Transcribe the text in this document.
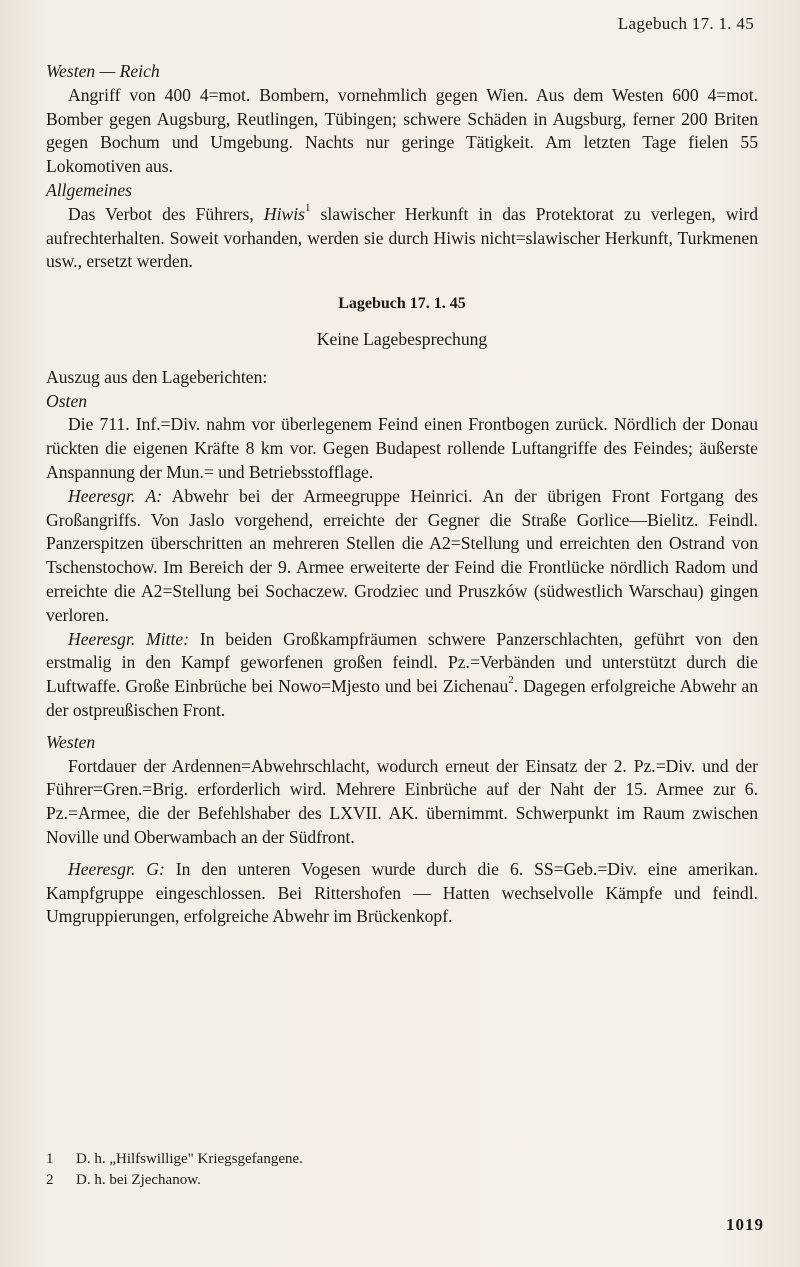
Lagebuch 17. 1. 45
Westen — Reich

Angriff von 400 4=mot. Bombern, vornehmlich gegen Wien. Aus dem Westen 600 4=mot. Bomber gegen Augsburg, Reutlingen, Tübingen; schwere Schäden in Augsburg, ferner 200 Briten gegen Bochum und Umgebung. Nachts nur geringe Tätigkeit. Am letzten Tage fielen 55 Lokomotiven aus.

Allgemeines

Das Verbot des Führers, Hiwis$^1$ slawischer Herkunft in das Protektorat zu verlegen, wird aufrechterhalten. Soweit vorhanden, werden sie durch Hiwis nicht=slawischer Herkunft, Turkmenen usw., ersetzt werden.

Lagebuch 17. 1. 45
Keine Lagebesprechung

Auszug aus den Lageberichten:

Osten

Die 711. Inf.=Div. nahm vor überlegenem Feind einen Frontbogen zurück. Nördlich der Donau rückten die eigenen Kräfte 8 km vor. Gegen Budapest rollende Luftangriffe des Feindes; äußerste Anspannung der Mun.= und Betriebsstofflage.

Heeresgr. A: Abwehr bei der Armeegruppe Heinrici. An der übrigen Front Fortgang des Großangriffs. Von Jaslo vorgehend, erreichte der Gegner die Straße Gorlice—Bielitz. Feindl. Panzerspitzen überschritten an mehreren Stellen die A2=Stellung und erreichten den Ostrand von Tschenstochow. Im Bereich der 9. Armee erweiterte der Feind die Frontlücke nördlich Radom und erreichte die A2=Stellung bei Sochaczew. Grodziec und Pruszków (südwestlich Warschau) gingen verloren.

Heeresgr. Mitte: In beiden Großkampfräumen schwere Panzerschlachten, geführt von den erstmalig in den Kampf geworfenen großen feindl. Pz.=Verbänden und unterstützt durch die Luftwaffe. Große Einbrüche bei Nowo=Mjesto und bei Zichenau$^2$. Dagegen erfolgreiche Abwehr an der ostpreußischen Front.

Westen

Fortdauer der Ardennen=Abwehrschlacht, wodurch erneut der Einsatz der 2. Pz.=Div. und der Führer=Gren.=Brig. erforderlich wird. Mehrere Einbrüche auf der Naht der 15. Armee zur 6. Pz.=Armee, die der Befehlshaber des LXVII. AK. übernimmt. Schwerpunkt im Raum zwischen Noville und Oberwambach an der Südfront.

Heeresgr. G: In den unteren Vogesen wurde durch die 6. SS=Geb.=Div. eine amerikan. Kampfgruppe eingeschlossen. Bei Rittershofen — Hatten wechselvolle Kämpfe und feindl. Umgruppierungen, erfolgreiche Abwehr im Brückenkopf.

1	D. h. „Hilfswillige" Kriegsgefangene.
2	D. h. bei Zjechanow.
1019
